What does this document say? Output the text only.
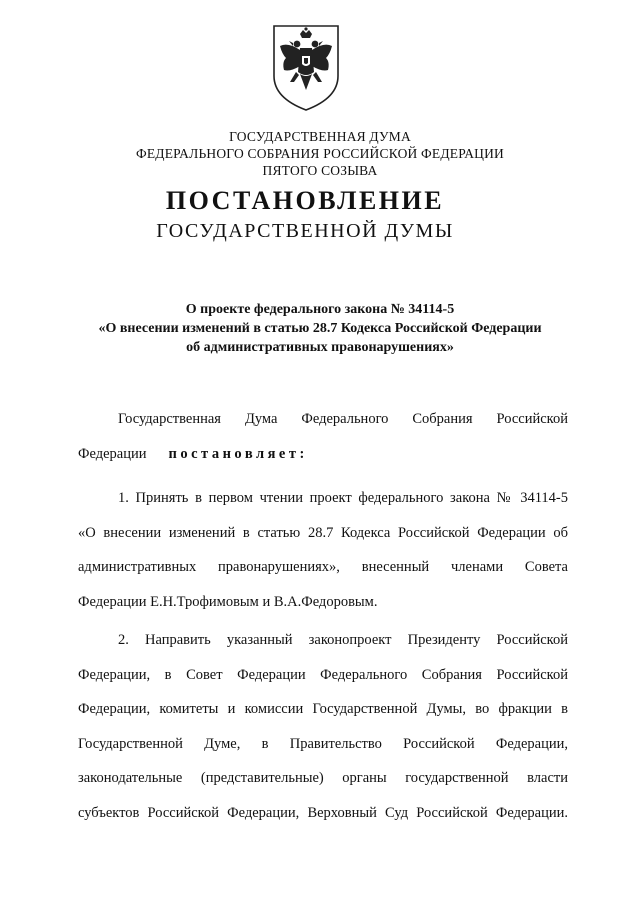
ГОСУДАРСТВЕННАЯ ДУМА
ФЕДЕРАЛЬНОГО СОБРАНИЯ РОССИЙСКОЙ ФЕДЕРАЦИИ
ПЯТОГО СОЗЫВА
ПОСТАНОВЛЕНИЕ
ГОСУДАРСТВЕННОЙ ДУМЫ
О проекте федерального закона № 34114-5
«О внесении изменений в статью 28.7 Кодекса Российской Федерации
об административных правонарушениях»
Государственная Дума Федерального Собрания Российской
Федерации постановляет:
1. Принять в первом чтении проект федерального закона № 34114-5
«О внесении изменений в статью 28.7 Кодекса Российской Федерации об
административных правонарушениях», внесенный членами Совета
Федерации Е.Н.Трофимовым и В.А.Федоровым.
2. Направить указанный законопроект Президенту Российской
Федерации, в Совет Федерации Федерального Собрания Российской
Федерации, комитеты и комиссии Государственной Думы, во фракции в
Государственной Думе, в Правительство Российской Федерации,
законодательные (представительные) органы государственной власти
субъектов Российской Федерации, Верховный Суд Российской Федерации.
